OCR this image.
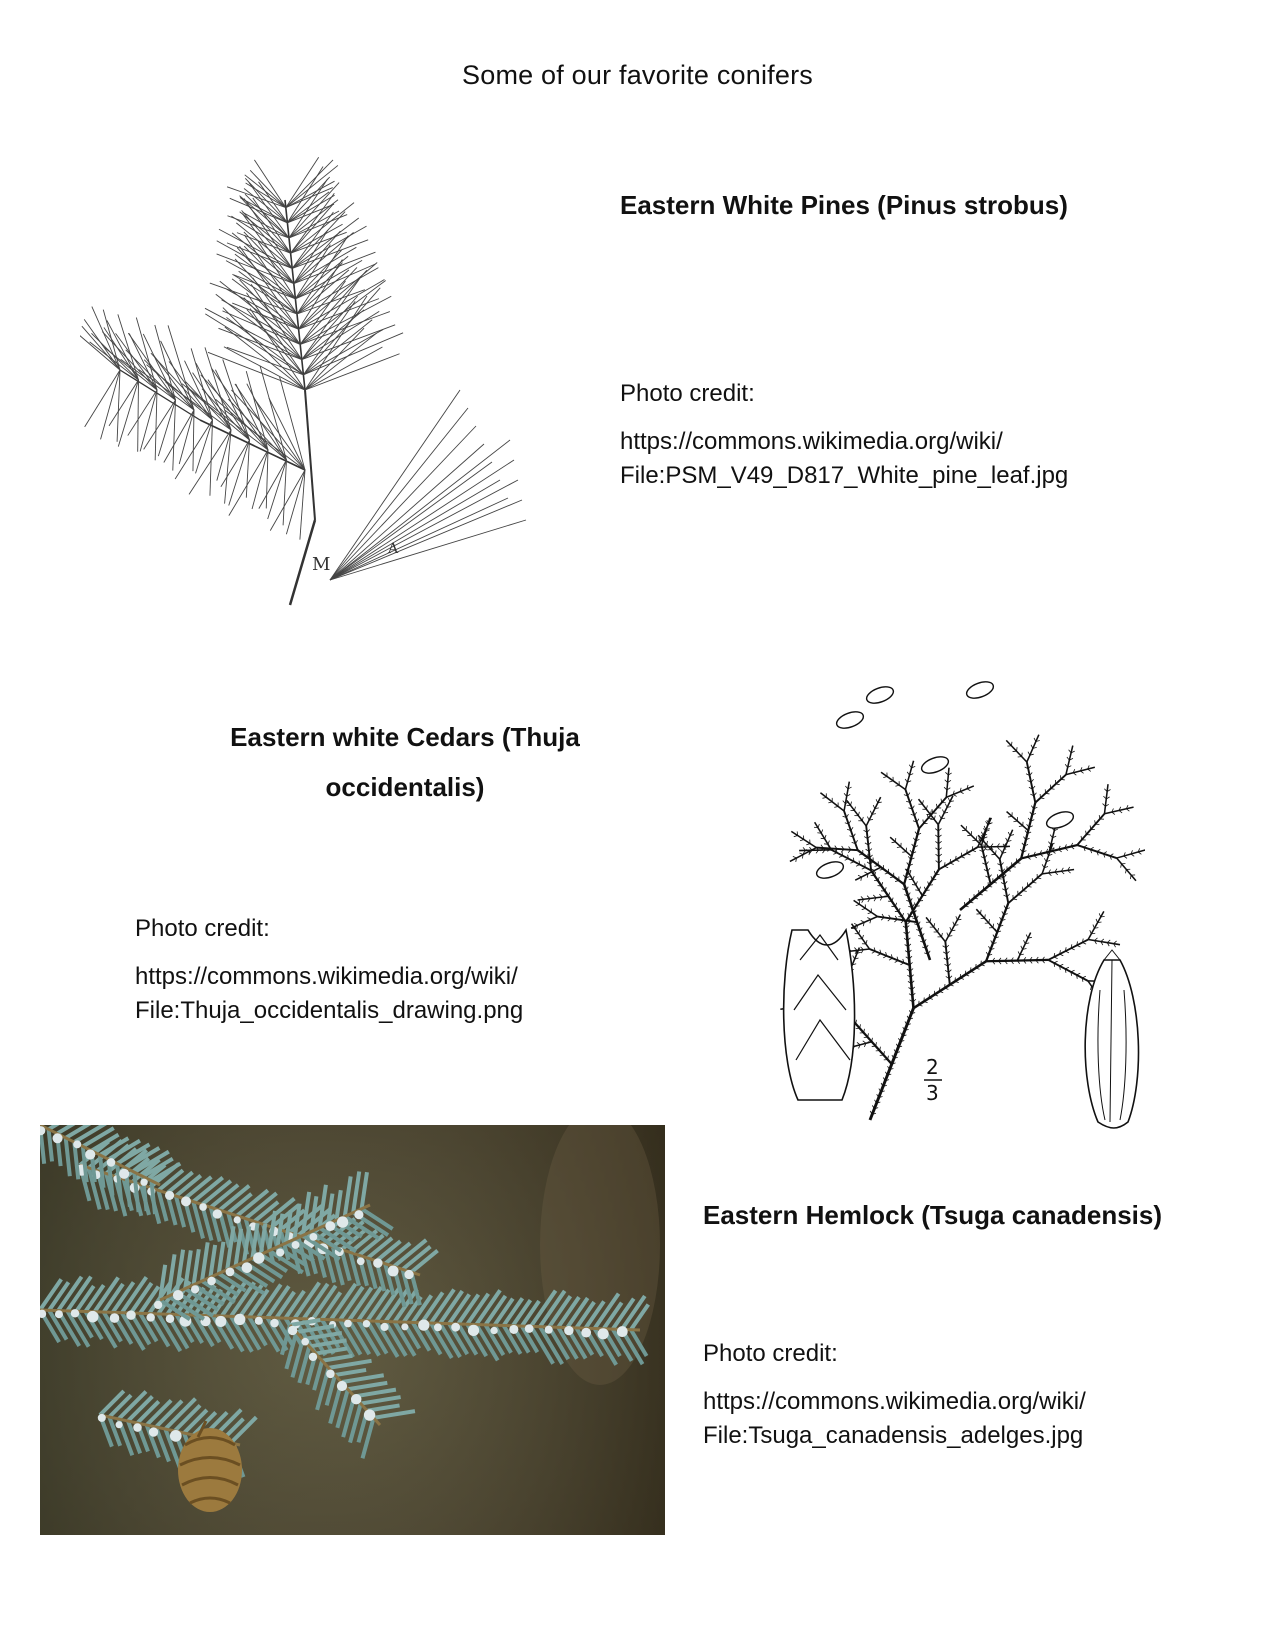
Some of our favorite conifers
M
A
Eastern White Pines (Pinus strobus)
Photo credit:
https://commons.wikimedia.org/wiki/
File:PSM_V49_D817_White_pine_leaf.jpg
Eastern white Cedars (Thuja
occidentalis)
Photo credit:
https://commons.wikimedia.org/wiki/
File:Thuja_occidentalis_drawing.png
2
3
Eastern Hemlock (Tsuga canadensis)
Photo credit:
https://commons.wikimedia.org/wiki/
File:Tsuga_canadensis_adelges.jpg
